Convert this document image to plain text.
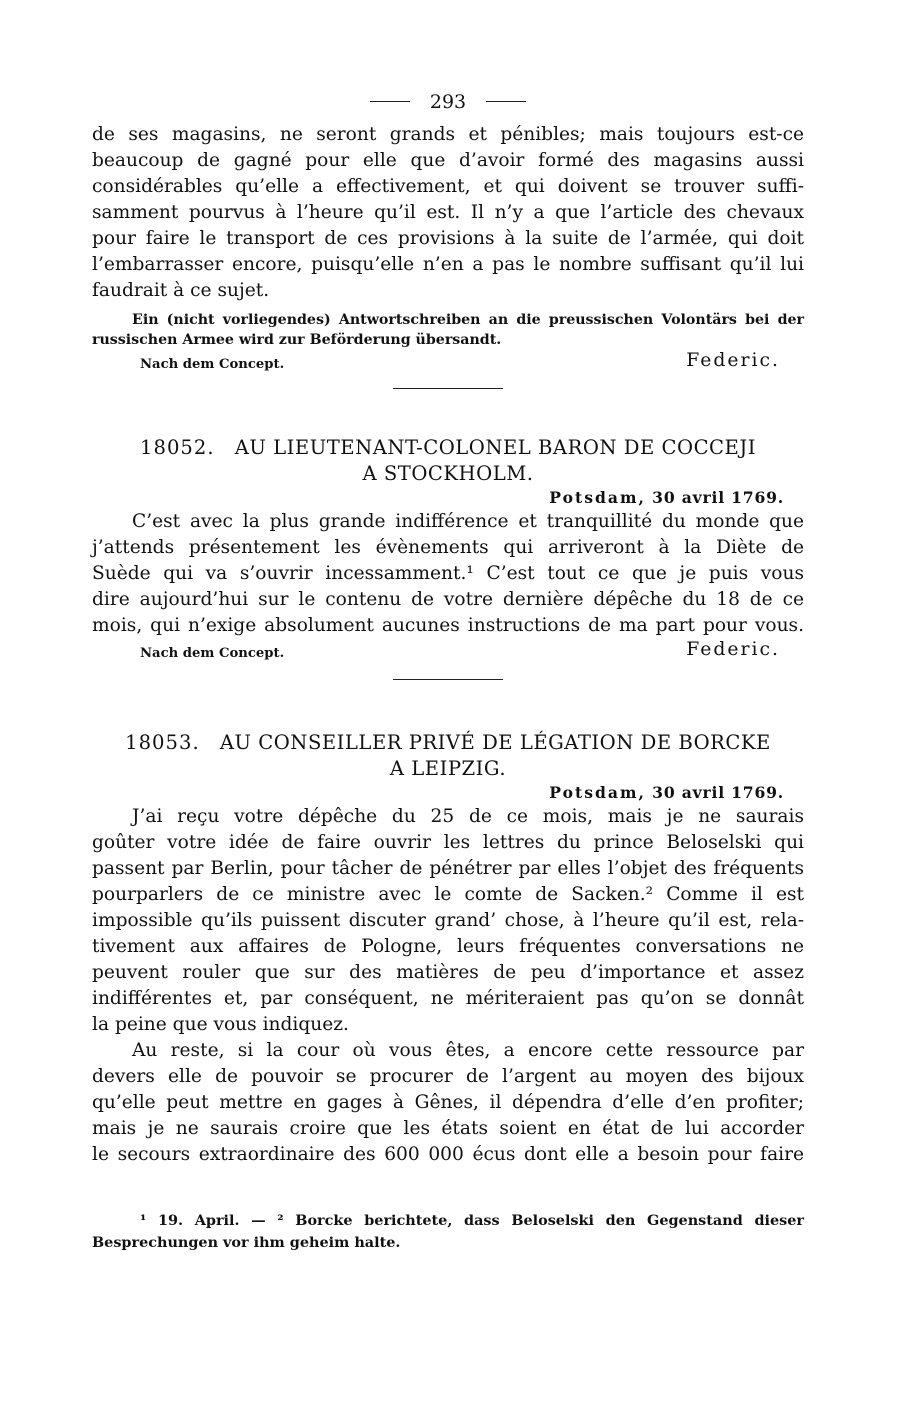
293
de ses magasins, ne seront grands et pénibles; mais toujours est-ce
beaucoup de gagné pour elle que d’avoir formé des magasins aussi
considérables qu’elle a effectivement, et qui doivent se trouver suffi-
samment pourvus à l’heure qu’il est. Il n’y a que l’article des chevaux
pour faire le transport de ces provisions à la suite de l’armée, qui doit
l’embarrasser encore, puisqu’elle n’en a pas le nombre suffisant qu’il lui
faudrait à ce sujet.
Ein (nicht vorliegendes) Antwortschreiben an die preussischen Volontärs bei der
russischen Armee wird zur Beförderung übersandt.
Nach dem Concept.	Federic.
18052. AU LIEUTENANT-COLONEL BARON DE COCCEJI
A STOCKHOLM.
Potsdam, 30 avril 1769.
C’est avec la plus grande indifférence et tranquillité du monde que
j’attends présentement les évènements qui arriveront à la Diète de
Suède qui va s’ouvrir incessamment.¹ C’est tout ce que je puis vous
dire aujourd’hui sur le contenu de votre dernière dépêche du 18 de ce
mois, qui n’exige absolument aucunes instructions de ma part pour vous.
Nach dem Concept.	Federic.
18053. AU CONSEILLER PRIVÉ DE LÉGATION DE BORCKE
A LEIPZIG.
Potsdam, 30 avril 1769.
J’ai reçu votre dépêche du 25 de ce mois, mais je ne saurais
goûter votre idée de faire ouvrir les lettres du prince Beloselski qui
passent par Berlin, pour tâcher de pénétrer par elles l’objet des fréquents
pourparlers de ce ministre avec le comte de Sacken.² Comme il est
impossible qu’ils puissent discuter grand’ chose, à l’heure qu’il est, rela-
tivement aux affaires de Pologne, leurs fréquentes conversations ne
peuvent rouler que sur des matières de peu d’importance et assez
indifférentes et, par conséquent, ne mériteraient pas qu’on se donnât
la peine que vous indiquez.
Au reste, si la cour où vous êtes, a encore cette ressource par
devers elle de pouvoir se procurer de l’argent au moyen des bijoux
qu’elle peut mettre en gages à Gênes, il dépendra d’elle d’en profiter;
mais je ne saurais croire que les états soient en état de lui accorder
le secours extraordinaire des 600 000 écus dont elle a besoin pour faire
¹ 19. April. — ² Borcke berichtete, dass Beloselski den Gegenstand dieser
Besprechungen vor ihm geheim halte.
